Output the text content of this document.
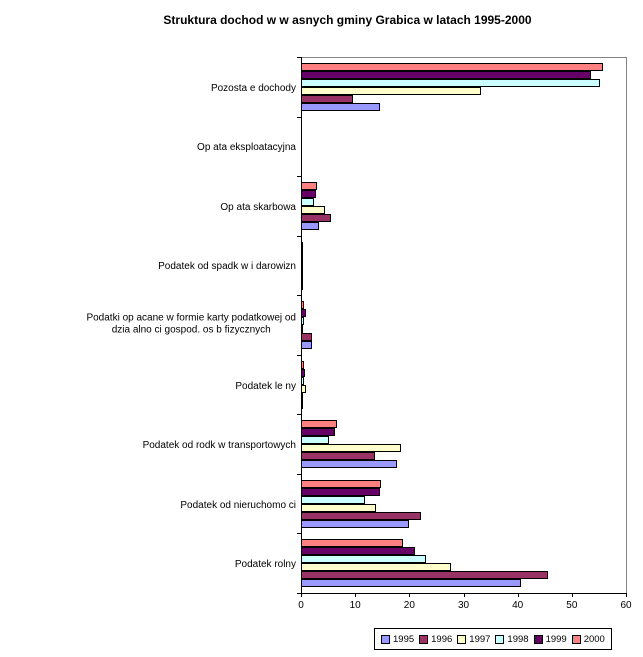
Struktura dochod w w asnych gminy Grabica w latach 1995-2000
Pozosta e dochody
Op ata eksploatacyjna
Op ata skarbowa
Podatek od spadk w i darowizn
Podatki op acane w formie karty podatkowej od
dzia alno ci gospod. os b fizycznych
Podatek le ny
Podatek od rodk w transportowych
Podatek od nieruchomo ci
Podatek rolny
0	10	20	30	40	50	60
1995 1996 1997 1998 1999 2000
